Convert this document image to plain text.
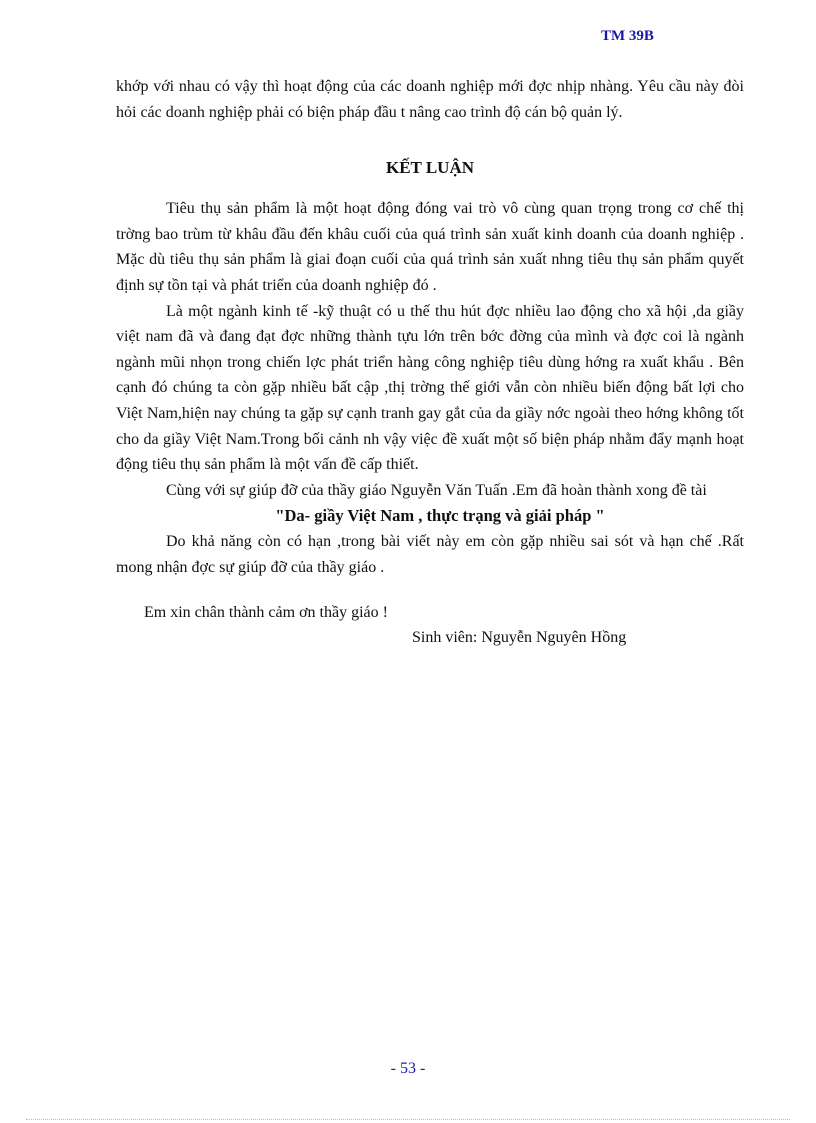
TM 39B

khớp với nhau có vậy thì hoạt động của các doanh nghiệp mới đợc nhịp nhàng. Yêu cầu này đòi hỏi các doanh nghiệp phải có biện pháp đầu t nâng cao trình độ cán bộ quản lý.

KẾT LUẬN

Tiêu thụ sản phẩm là một hoạt động đóng vai trò vô cùng quan trọng trong cơ chế thị trờng bao trùm từ khâu đầu đến khâu cuối của quá trình sản xuất kinh doanh của doanh nghiệp . Mặc dù tiêu thụ sản phẩm là giai đoạn cuối của quá trình sản xuất nhng tiêu thụ sản phẩm quyết định sự tồn tại và phát triển của doanh nghiệp đó .

Là một ngành kinh tế -kỹ thuật có u thế thu hút đợc nhiều lao động cho xã hội ,da giầy việt nam đã và đang đạt đợc những thành tựu lớn trên bớc đờng của mình và đợc coi là ngành ngành mũi nhọn trong chiến lợc phát triển hàng công nghiệp tiêu dùng hớng ra xuất khẩu . Bên cạnh đó chúng ta còn gặp nhiều bất cập ,thị trờng thế giới vẫn còn nhiều biến động bất lợi cho Việt Nam,hiện nay chúng ta gặp sự cạnh tranh gay gắt của da giầy nớc ngoài theo hớng không tốt cho da giầy Việt Nam.Trong bối cảnh nh vậy việc đề xuất một số biện pháp nhằm đẩy mạnh hoạt động tiêu thụ sản phẩm là một vấn đề cấp thiết.

Cùng với sự giúp đỡ của thầy giáo Nguyễn Văn Tuấn .Em đã hoàn thành xong đề tài

"Da- giầy Việt Nam , thực trạng và giải pháp "

Do khả năng còn có hạn ,trong bài viết này em còn gặp nhiều sai sót và hạn chế .Rất mong nhận đợc sự giúp đỡ của thầy giáo .

Em xin chân thành cảm ơn thầy giáo !

Sinh viên: Nguyễn Nguyên Hồng

- 53 -
